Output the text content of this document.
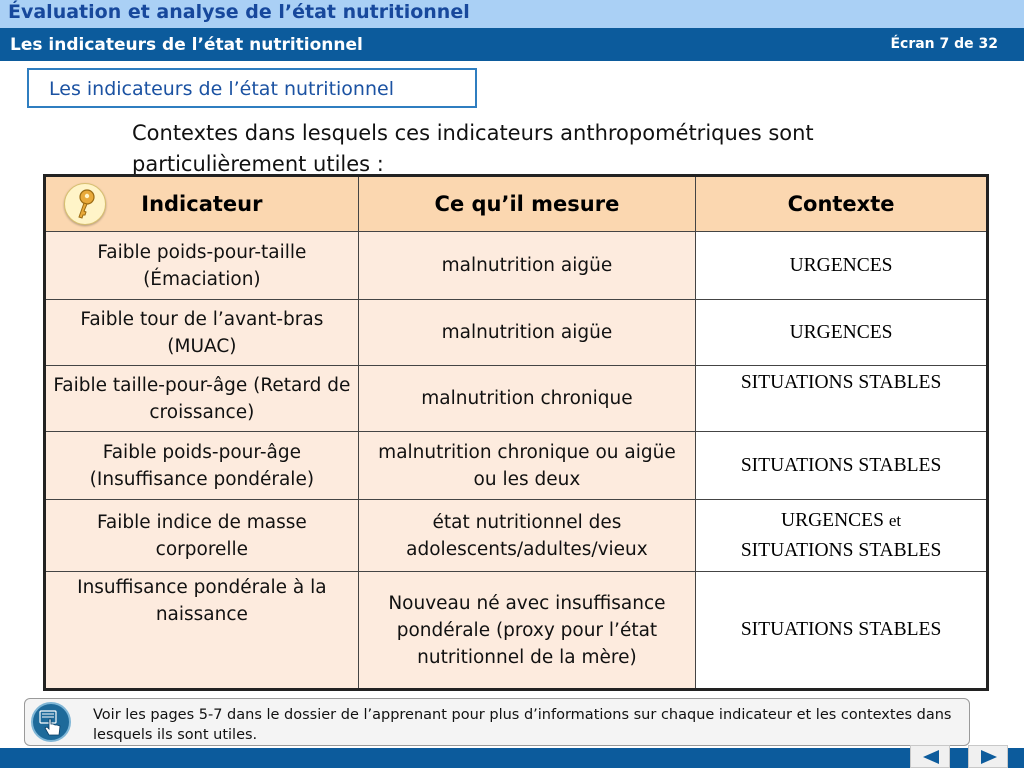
Évaluation et analyse de l’état nutritionnel
Les indicateurs de l’état nutritionnel	Écran 7 de 32
Les indicateurs de l’état nutritionnel
Contextes dans lesquels ces indicateurs anthropométriques sont particulièrement utiles :
Indicateur	Ce qu’il mesure	Contexte
Faible poids-pour-taille (Émaciation)	malnutrition aigüe	URGENCES
Faible tour de l’avant-bras (MUAC)	malnutrition aigüe	URGENCES
Faible taille-pour-âge (Retard de croissance)	malnutrition chronique	SITUATIONS STABLES
Faible poids-pour-âge (Insuffisance pondérale)	malnutrition chronique ou aigüe ou les deux	SITUATIONS STABLES
Faible indice de masse corporelle	état nutritionnel des adolescents/adultes/vieux	URGENCES et
SITUATIONS STABLES
Insuffisance pondérale à la naissance	Nouveau né avec insuffisance pondérale (proxy pour l’état nutritionnel de la mère)	SITUATIONS STABLES
Voir les pages 5-7 dans le dossier de l’apprenant pour plus d’informations sur chaque indicateur et les contextes dans lesquels ils sont utiles.
